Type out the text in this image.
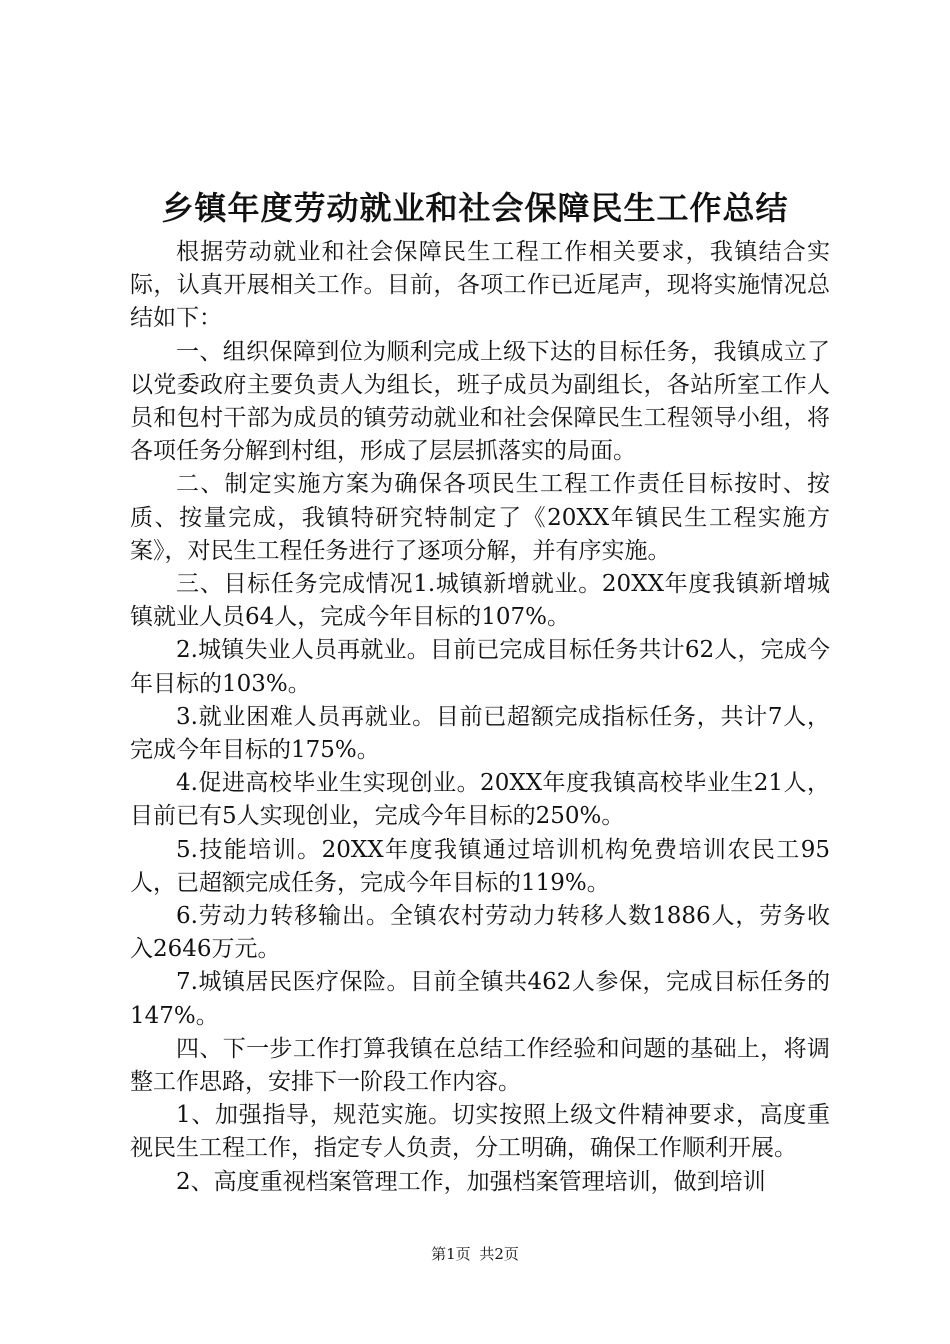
乡镇年度劳动就业和社会保障民生工作总结

根据劳动就业和社会保障民生工程工作相关要求，我镇结合实际，认真开展相关工作。目前，各项工作已近尾声，现将实施情况总结如下：

一、组织保障到位为顺利完成上级下达的目标任务，我镇成立了以党委政府主要负责人为组长，班子成员为副组长，各站所室工作人员和包村干部为成员的镇劳动就业和社会保障民生工程领导小组，将各项任务分解到村组，形成了层层抓落实的局面。

二、制定实施方案为确保各项民生工程工作责任目标按时、按质、按量完成，我镇特研究特制定了《20XX年镇民生工程实施方案》，对民生工程任务进行了逐项分解，并有序实施。

三、目标任务完成情况1.城镇新增就业。20XX年度我镇新增城镇就业人员64人，完成今年目标的107%。

2.城镇失业人员再就业。目前已完成目标任务共计62人，完成今年目标的103%。

3.就业困难人员再就业。目前已超额完成指标任务，共计7人，完成今年目标的175%。

4.促进高校毕业生实现创业。20XX年度我镇高校毕业生21人，目前已有5人实现创业，完成今年目标的250%。

5.技能培训。20XX年度我镇通过培训机构免费培训农民工95人，已超额完成任务，完成今年目标的119%。

6.劳动力转移输出。全镇农村劳动力转移人数1886人，劳务收入2646万元。

7.城镇居民医疗保险。目前全镇共462人参保，完成目标任务的147%。

四、下一步工作打算我镇在总结工作经验和问题的基础上，将调整工作思路，安排下一阶段工作内容。

1、加强指导，规范实施。切实按照上级文件精神要求，高度重视民生工程工作，指定专人负责，分工明确，确保工作顺利开展。

2、高度重视档案管理工作，加强档案管理培训，做到培训

第1页 共2页
